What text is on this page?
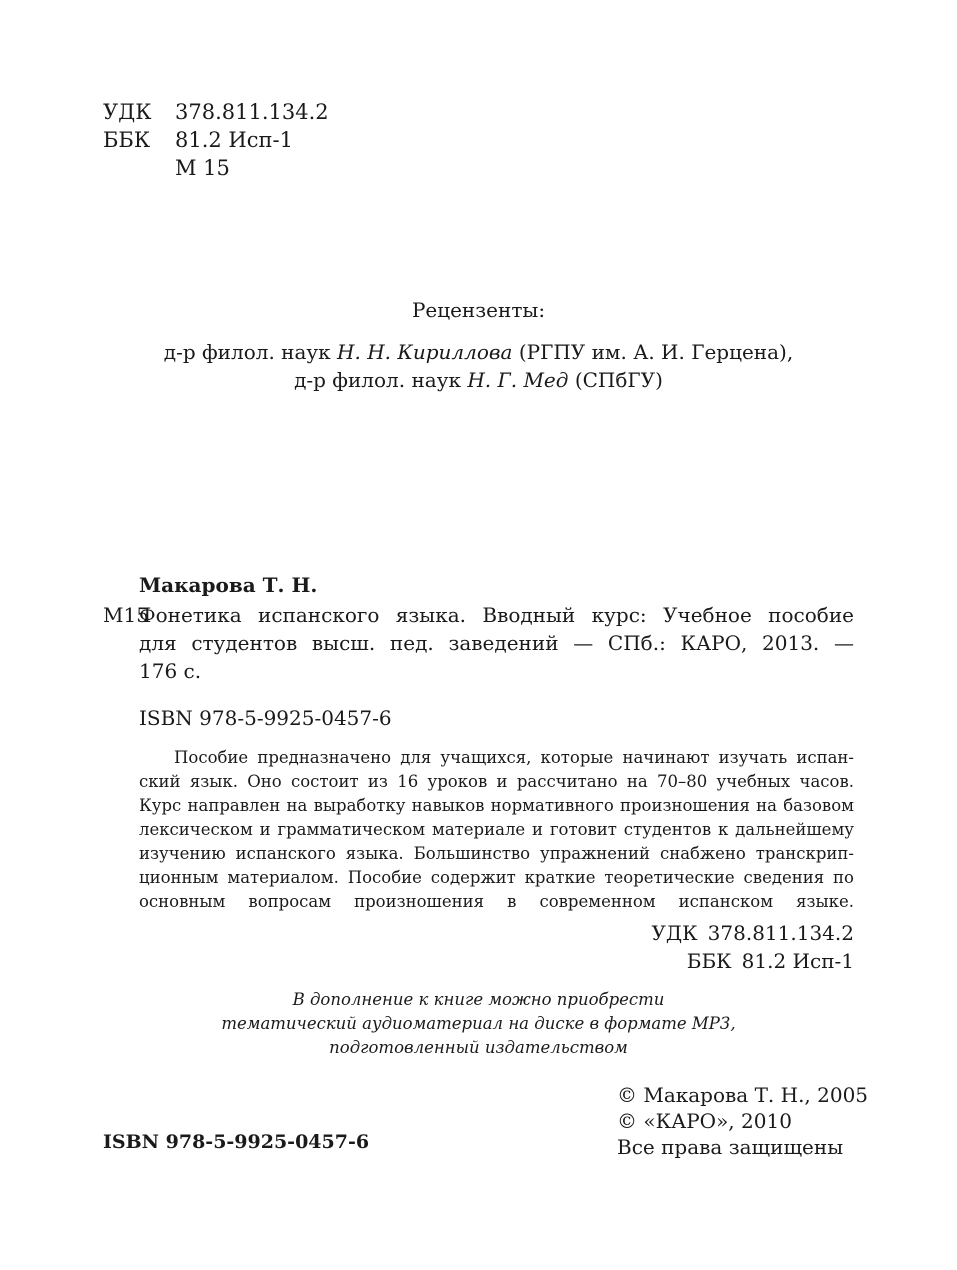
УДК 378.811.134.2
ББК 81.2 Исп-1
М 15
Рецензенты:
д-р филол. наук Н. Н. Кириллова (РГПУ им. А. И. Герцена),
д-р филол. наук Н. Г. Мед (СПбГУ)
Макарова Т. Н.
М15
Фонетика испанского языка. Вводный курс: Учебное пособие
для студентов высш. пед. заведений — СПб.: КАРО, 2013. —
176 с.
ISBN 978-5-9925-0457-6
Пособие предназначено для учащихся, которые начинают изучать испан-
ский язык. Оно состоит из 16 уроков и рассчитано на 70–80 учебных часов.
Курс направлен на выработку навыков нормативного произношения на базовом
лексическом и грамматическом материале и готовит студентов к дальнейшему
изучению испанского языка. Большинство упражнений снабжено транскрип-
ционным материалом. Пособие содержит краткие теоретические сведения по
основным вопросам произношения в современном испанском языке.
УДК 378.811.134.2
ББК 81.2 Исп-1
В дополнение к книге можно приобрести
тематический аудиоматериал на диске в формате MP3,
подготовленный издательством
© Макарова Т. Н., 2005
© «КАРО», 2010
Все права защищены
ISBN 978-5-9925-0457-6
